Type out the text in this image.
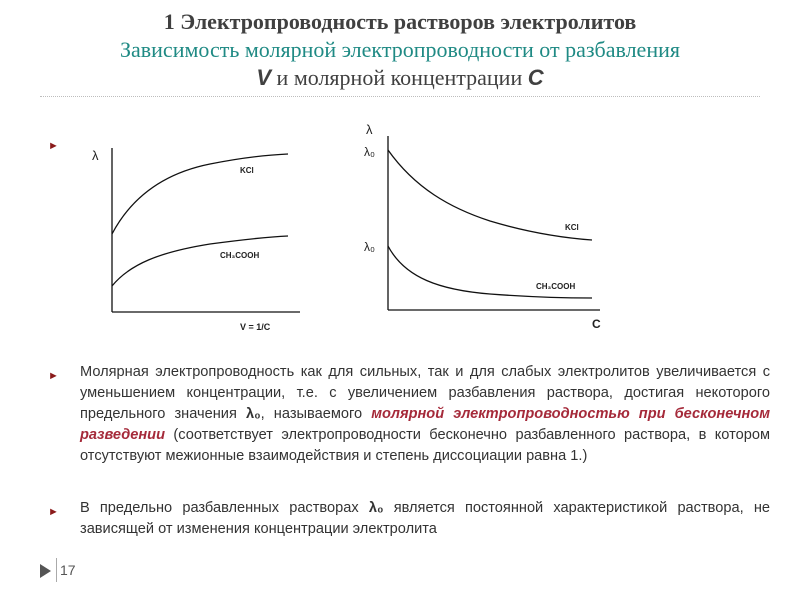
1 Электропроводность растворов электролитов
Зависимость молярной электропроводности от разбавления
V и молярной концентрации С
►
λ
KCl
CH₃COOH
V = 1/C
λ
λ₀
λ₀
KCl
CH₃COOH
C
► Молярная электропроводность как для сильных, так и для слабых электролитов увеличивается с уменьшением концентрации, т.е. с увеличением разбавления раствора, достигая некоторого предельного значения λ₀, называемого молярной электропроводностью при бесконечном разведении (соответствует электропроводности бесконечно разбавленного раствора, в котором отсутствуют межионные взаимодействия и степень диссоциации равна 1.)
► В предельно разбавленных растворах λ₀ является постоянной характеристикой раствора, не зависящей от изменения концентрации электролита
17
